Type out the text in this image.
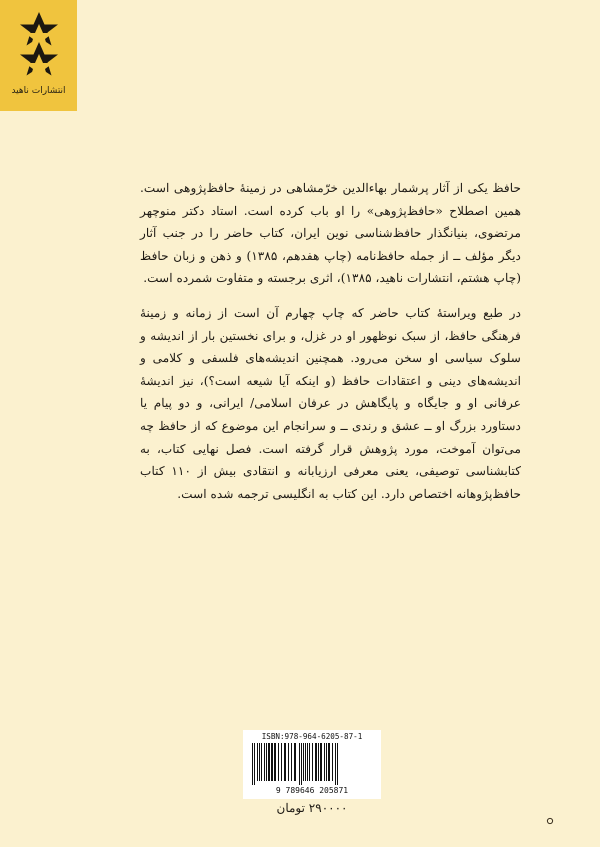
انتشارات ناهید

حافظ یکی از آثار پرشمار بهاءالدین خرّمشاهی در زمینهٔ حافظ‌پژوهی است. همین اصطلاح «حافظ‌پژوهی» را او باب کرده است. استاد دکتر منوچهر مرتضوی، بنیانگذار حافظ‌شناسی نوین ایران، کتاب حاضر را در جنب آثار دیگر مؤلف ــ از جمله حافظ‌نامه (چاپ هفدهم، ۱۳۸۵) و ذهن و زبان حافظ (چاپ هشتم، انتشارات ناهید، ۱۳۸۵)، اثری برجسته و متفاوت شمرده است.

در طبع ویراستهٔ کتاب حاضر که چاپ چهارم آن است از زمانه و زمینهٔ فرهنگی حافظ، از سبک نوظهور او در غزل، و برای نخستین بار از اندیشه و سلوک سیاسی او سخن می‌رود. همچنین اندیشه‌های فلسفی و کلامی و اندیشه‌های دینی و اعتقادات حافظ (و اینکه آیا شیعه است؟)، نیز اندیشهٔ عرفانی او و جایگاه و پایگاهش در عرفان اسلامی/ ایرانی، و دو پیام یا دستاورد بزرگ او ــ عشق و رندی ــ و سرانجام این موضوع که از حافظ چه می‌توان آموخت، مورد پژوهش قرار گرفته است. فصل نهایی کتاب، به کتابشناسی توصیفی، یعنی معرفی ارزیابانه و انتقادی بیش از ۱۱۰ کتاب حافظ‌پژوهانه اختصاص دارد. این کتاب به انگلیسی ترجمه شده است.

ISBN:978-964-6205-87-1
9 789646 205871
۲۹۰۰۰۰ تومان
